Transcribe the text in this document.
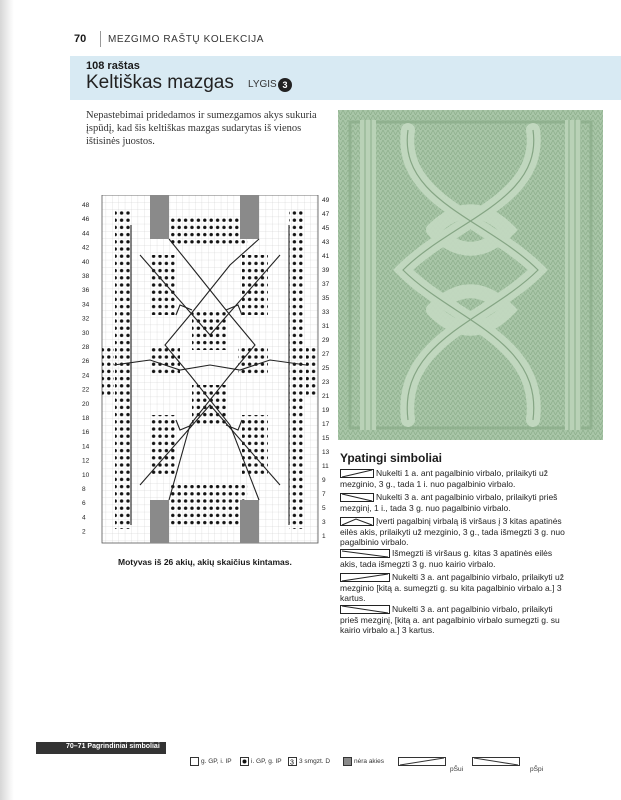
70 MEZGIMO RAŠTŲ KOLEKCIJA
108 raštas
Keltiškas mazgas LYGIS 3
Nepastebimai pridedamos ir sumezgamos akys sukuria įspūdį, kad šis keltiškas mazgas sudarytas iš vienos ištisinės juostos.
48
46
44
42
40
38
36
34
32
30
28
26
24
22
20
18
16
14
12
10
8
6
4
2
49
47
45
43
41
39
37
35
33
31
29
27
25
23
21
19
17
15
13
11
9
7
5
3
1
Motyvas iš 26 akių, akių skaičius kintamas.
Ypatingi simboliai
Nukelti 1 a. ant pagalbinio virbalo, prilaikyti už mezginio, 3 g., tada 1 i. nuo pagalbinio virbalo.
Nukelti 3 a. ant pagalbinio virbalo, prilaikyti prieš mezginį, 1 i., tada 3 g. nuo pagalbinio virbalo.
Įverti pagalbinį virbalą iš viršaus į 3 kitas apatinės eilės akis, prilaikyti už mezginio, 3 g., tada išmegzti 3 g. nuo pagalbinio virbalo.
Išmegzti iš viršaus g. kitas 3 apatinės eilės akis, tada išmegzti 3 g. nuo kairio virbalo.
Nukelti 3 a. ant pagalbinio virbalo, prilaikyti už mezginio [kitą a. sumegzti g. su kita pagalbinio virbalo a.] 3 kartus.
Nukelti 3 a. ant pagalbinio virbalo, prilaikyti prieš mezginį, [kitą a. ant pagalbinio virbalo sumegzti g. su kairio virbalo a.] 3 kartus.
70–71 Pagrindiniai simboliai
g. GP, i. IP	i. GP, g. IP 3 3 smgzt. D	nėra akies
pŠui	pŠpi
